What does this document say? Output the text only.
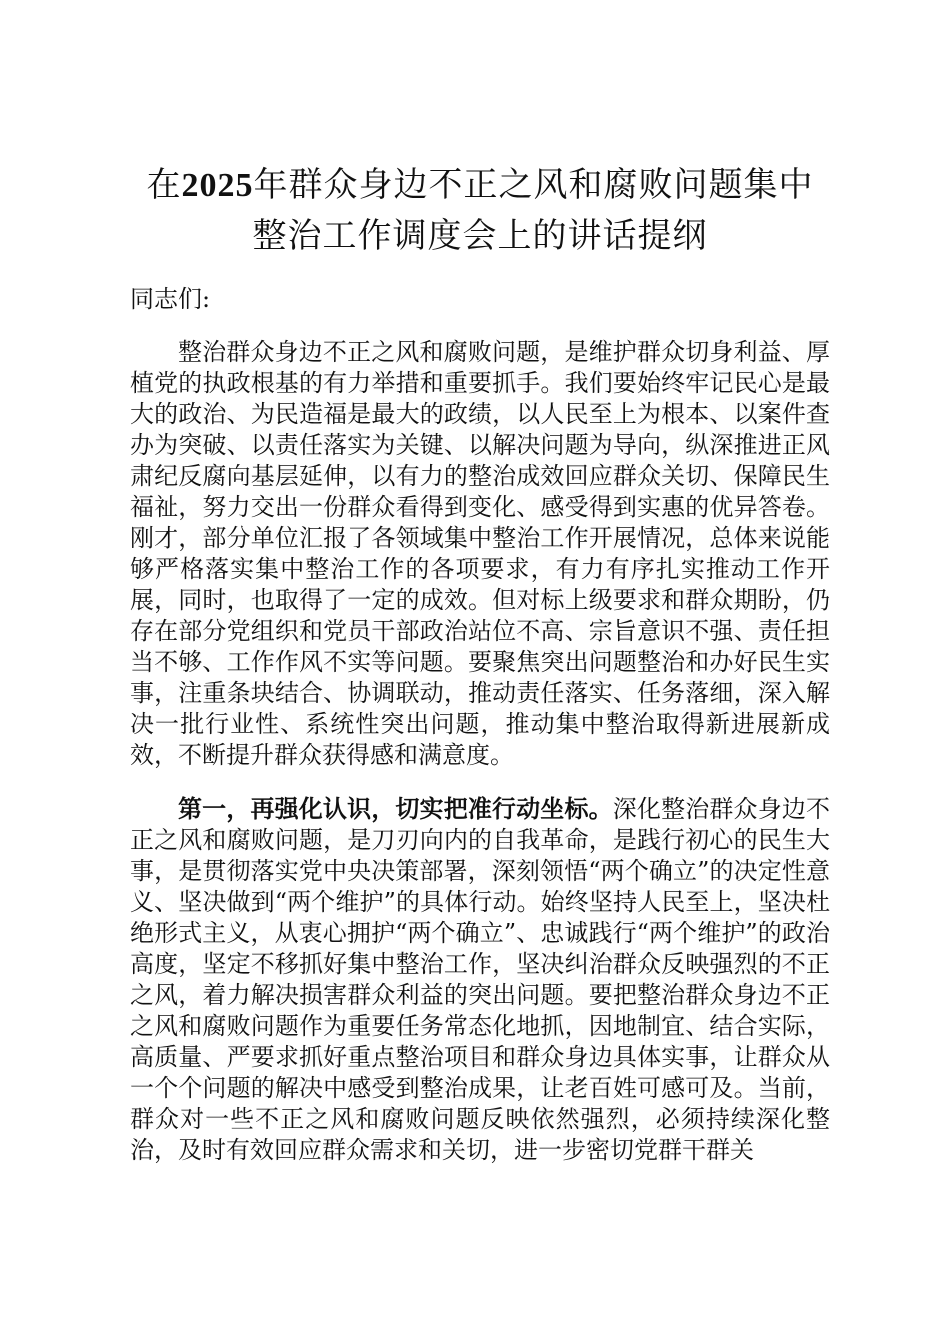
在2025年群众身边不正之风和腐败问题集中
整治工作调度会上的讲话提纲

同志们:

整治群众身边不正之风和腐败问题，是维护群众切身利益、厚植党的执政根基的有力举措和重要抓手。我们要始终牢记民心是最大的政治、为民造福是最大的政绩，以人民至上为根本、以案件查办为突破、以责任落实为关键、以解决问题为导向，纵深推进正风肃纪反腐向基层延伸，以有力的整治成效回应群众关切、保障民生福祉，努力交出一份群众看得到变化、感受得到实惠的优异答卷。刚才，部分单位汇报了各领域集中整治工作开展情况，总体来说能够严格落实集中整治工作的各项要求，有力有序扎实推动工作开展，同时，也取得了一定的成效。但对标上级要求和群众期盼，仍存在部分党组织和党员干部政治站位不高、宗旨意识不强、责任担当不够、工作作风不实等问题。要聚焦突出问题整治和办好民生实事，注重条块结合、协调联动，推动责任落实、任务落细，深入解决一批行业性、系统性突出问题，推动集中整治取得新进展新成效，不断提升群众获得感和满意度。

第一，再强化认识，切实把准行动坐标。深化整治群众身边不正之风和腐败问题，是刀刃向内的自我革命，是践行初心的民生大事，是贯彻落实党中央决策部署，深刻领悟“两个确立”的决定性意义、坚决做到“两个维护”的具体行动。始终坚持人民至上，坚决杜绝形式主义，从衷心拥护“两个确立”、忠诚践行“两个维护”的政治高度，坚定不移抓好集中整治工作，坚决纠治群众反映强烈的不正之风，着力解决损害群众利益的突出问题。要把整治群众身边不正之风和腐败问题作为重要任务常态化地抓，因地制宜、结合实际，高质量、严要求抓好重点整治项目和群众身边具体实事，让群众从一个个问题的解决中感受到整治成果，让老百姓可感可及。当前，群众对一些不正之风和腐败问题反映依然强烈，必须持续深化整治，及时有效回应群众需求和关切，进一步密切党群干群关
